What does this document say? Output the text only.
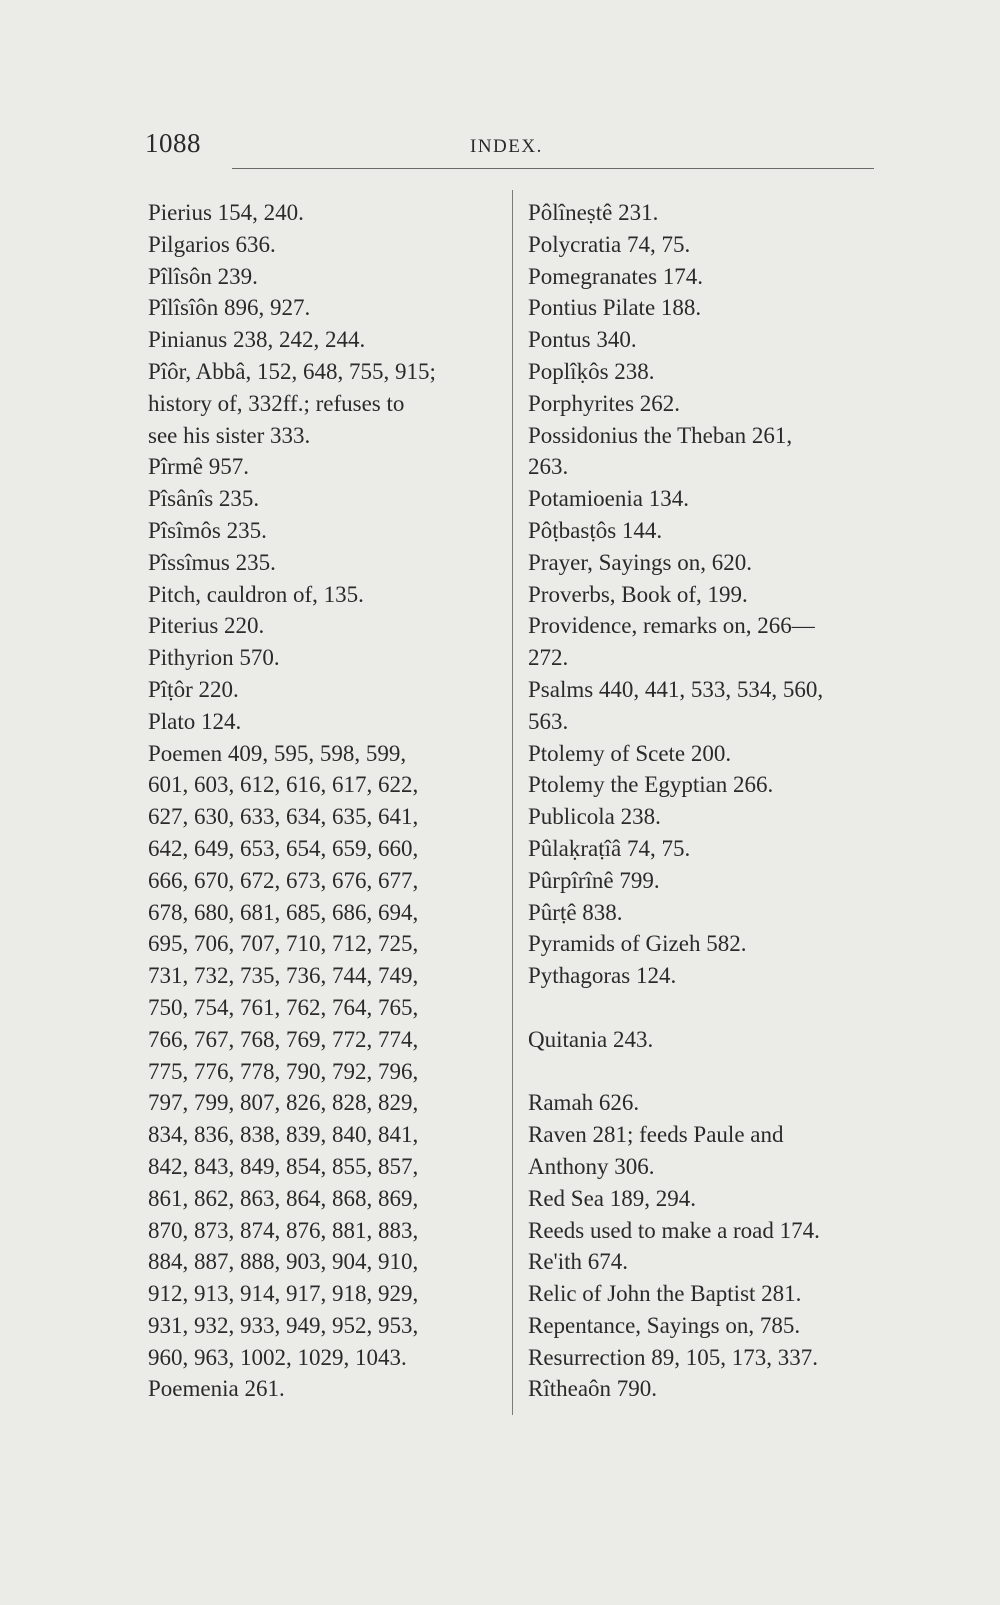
1088	INDEX.
Pierius 154, 240.
Pilgarios 636.
Pîlîsôn 239.
Pîlîsîôn 896, 927.
Pinianus 238, 242, 244.
Pîôr, Abbâ, 152, 648, 755, 915;
history of, 332ff.; refuses to
see his sister 333.
Pîrmê 957.
Pîsânîs 235.
Pîsîmôs 235.
Pîssîmus 235.
Pitch, cauldron of, 135.
Piterius 220.
Pithyrion 570.
Pîṭôr 220.
Plato 124.
Poemen 409, 595, 598, 599,
601, 603, 612, 616, 617, 622,
627, 630, 633, 634, 635, 641,
642, 649, 653, 654, 659, 660,
666, 670, 672, 673, 676, 677,
678, 680, 681, 685, 686, 694,
695, 706, 707, 710, 712, 725,
731, 732, 735, 736, 744, 749,
750, 754, 761, 762, 764, 765,
766, 767, 768, 769, 772, 774,
775, 776, 778, 790, 792, 796,
797, 799, 807, 826, 828, 829,
834, 836, 838, 839, 840, 841,
842, 843, 849, 854, 855, 857,
861, 862, 863, 864, 868, 869,
870, 873, 874, 876, 881, 883,
884, 887, 888, 903, 904, 910,
912, 913, 914, 917, 918, 929,
931, 932, 933, 949, 952, 953,
960, 963, 1002, 1029, 1043.
Poemenia 261.
Pôlîneṣtê 231.
Polycratia 74, 75.
Pomegranates 174.
Pontius Pilate 188.
Pontus 340.
Poplîḳôs 238.
Porphyrites 262.
Possidonius the Theban 261,
263.
Potamioenia 134.
Pôṭbasṭôs 144.
Prayer, Sayings on, 620.
Proverbs, Book of, 199.
Providence, remarks on, 266—
272.
Psalms 440, 441, 533, 534, 560,
563.
Ptolemy of Scete 200.
Ptolemy the Egyptian 266.
Publicola 238.
Pûlaḳraṭîâ 74, 75.
Pûrpîrînê 799.
Pûrṭê 838.
Pyramids of Gizeh 582.
Pythagoras 124.
Quitania 243.
Ramah 626.
Raven 281; feeds Paule and
Anthony 306.
Red Sea 189, 294.
Reeds used to make a road 174.
Re'ith 674.
Relic of John the Baptist 281.
Repentance, Sayings on, 785.
Resurrection 89, 105, 173, 337.
Rîtheaôn 790.
